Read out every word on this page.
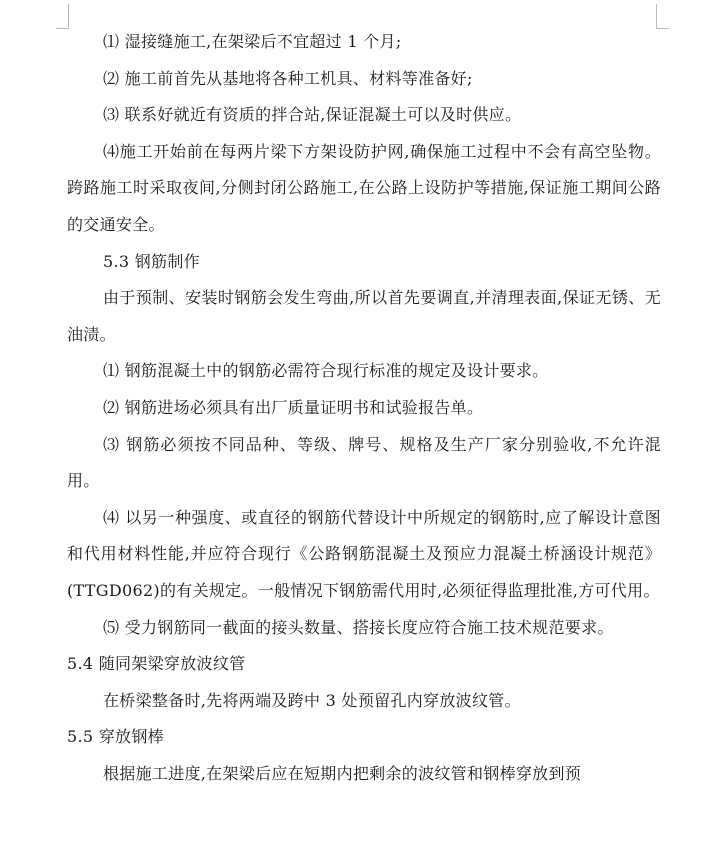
⑴ 湿接缝施工,在架梁后不宜超过 1 个月;

⑵ 施工前首先从基地将各种工机具、材料等准备好;

⑶ 联系好就近有资质的拌合站,保证混凝土可以及时供应。

⑷施工开始前在每两片梁下方架设防护网,确保施工过程中不会有高空坠物。跨路施工时采取夜间,分侧封闭公路施工,在公路上设防护等措施,保证施工期间公路的交通安全。

5.3 钢筋制作

由于预制、安装时钢筋会发生弯曲,所以首先要调直,并清理表面,保证无锈、无油渍。

⑴ 钢筋混凝土中的钢筋必需符合现行标准的规定及设计要求。

⑵ 钢筋进场必须具有出厂质量证明书和试验报告单。

⑶ 钢筋必须按不同品种、等级、牌号、规格及生产厂家分别验收,不允许混用。

⑷ 以另一种强度、或直径的钢筋代替设计中所规定的钢筋时,应了解设计意图和代用材料性能,并应符合现行《公路钢筋混凝土及预应力混凝土桥涵设计规范》(TTGD062)的有关规定。一般情况下钢筋需代用时,必须征得监理批准,方可代用。

⑸ 受力钢筋同一截面的接头数量、搭接长度应符合施工技术规范要求。

5.4 随同架梁穿放波纹管

在桥梁整备时,先将两端及跨中 3 处预留孔内穿放波纹管。

5.5 穿放钢棒

根据施工进度,在架梁后应在短期内把剩余的波纹管和钢棒穿放到预
